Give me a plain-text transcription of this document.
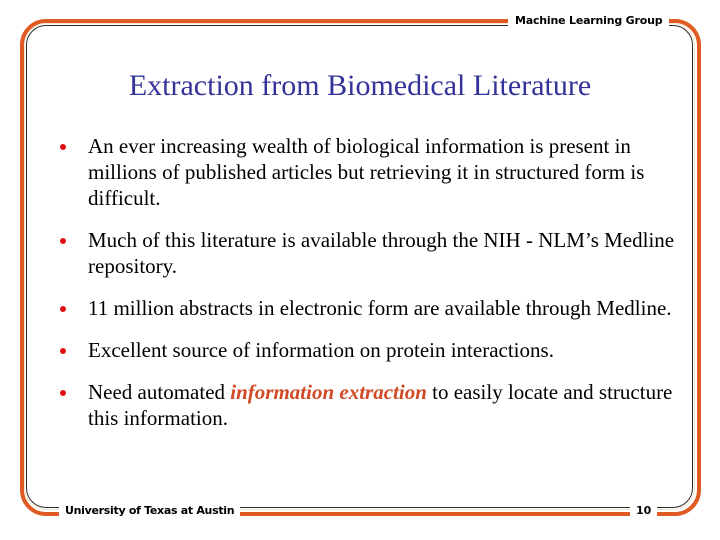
Machine Learning Group
Extraction from Biomedical Literature
An ever increasing wealth of biological information is present in millions of published articles but retrieving it in structured form is difficult.
Much of this literature is available through the NIH - NLM’s Medline repository.
11 million abstracts in electronic form are available through Medline.
Excellent source of information on protein interactions.
Need automated information extraction to easily locate and structure this information.
University of Texas at Austin	10
